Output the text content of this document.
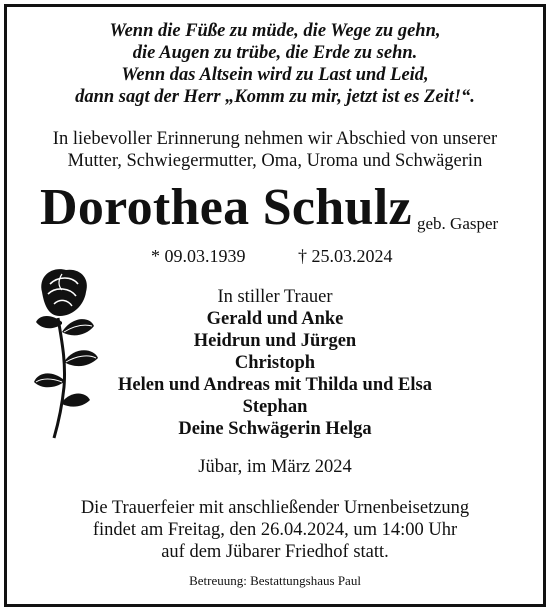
Wenn die Füße zu müde, die Wege zu gehn,
die Augen zu trübe, die Erde zu sehn.
Wenn das Altsein wird zu Last und Leid,
dann sagt der Herr „Komm zu mir, jetzt ist es Zeit!“.
In liebevoller Erinnerung nehmen wir Abschied von unserer
Mutter, Schwiegermutter, Oma, Uroma und Schwägerin
Dorothea Schulz geb. Gasper
* 09.03.1939	† 25.03.2024
In stiller Trauer
Gerald und Anke
Heidrun und Jürgen
Christoph
Helen und Andreas mit Thilda und Elsa
Stephan
Deine Schwägerin Helga
Jübar, im März 2024
Die Trauerfeier mit anschließender Urnenbeisetzung
findet am Freitag, den 26.04.2024, um 14:00 Uhr
auf dem Jübarer Friedhof statt.
Betreuung: Bestattungshaus Paul
